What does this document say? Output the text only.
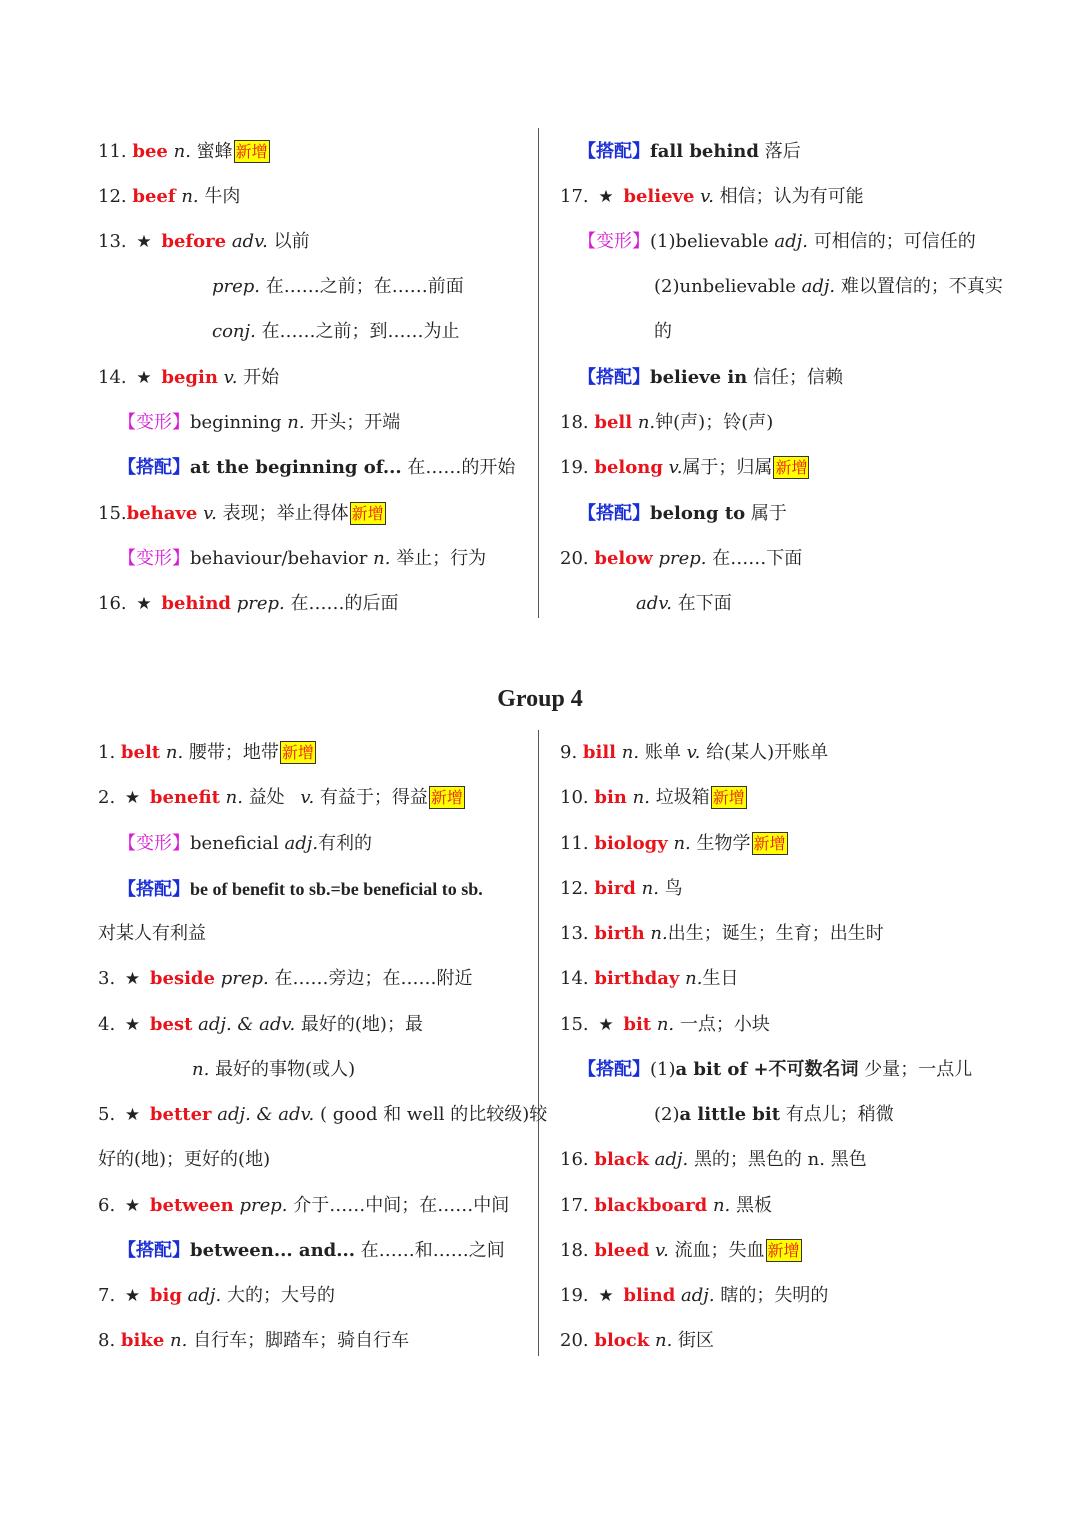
11. bee n. 蜜蜂 新增
12. beef n. 牛肉
13. ★ before adv. 以前
prep. 在……之前；在……前面
conj. 在……之前；到……为止
14. ★ begin v. 开始
【变形】beginning n. 开头；开端
【搭配】at the beginning of... 在……的开始
15.behave v. 表现；举止得体 新增
【变形】behaviour/behavior n. 举止；行为
16. ★ behind prep. 在……的后面
【搭配】fall behind 落后
17. ★ believe v. 相信；认为有可能
【变形】(1)believable adj. 可相信的；可信任的
(2)unbelievable adj. 难以置信的；不真实
的
【搭配】believe in 信任；信赖
18. bell n.钟(声)；铃(声)
19. belong v.属于；归属 新增
【搭配】belong to 属于
20. below prep. 在……下面
adv. 在下面
Group 4
1. belt n. 腰带；地带 新增
2. ★ benefit n. 益处 v. 有益于；得益 新增
【变形】beneficial adj.有利的
【搭配】be of benefit to sb.=be beneficial to sb.
对某人有利益
3. ★ beside prep. 在……旁边；在……附近
4. ★ best adj. & adv. 最好的(地)；最
n. 最好的事物(或人)
5. ★ better adj. & adv. ( good 和 well 的比较级)较
好的(地)；更好的(地)
6. ★ between prep. 介于……中间；在……中间
【搭配】between... and... 在……和……之间
7. ★ big adj. 大的；大号的
8. bike n. 自行车；脚踏车；骑自行车
9. bill n. 账单 v. 给(某人)开账单
10. bin n. 垃圾箱 新增
11. biology n. 生物学 新增
12. bird n. 鸟
13. birth n.出生；诞生；生育；出生时
14. birthday n.生日
15. ★ bit n. 一点；小块
【搭配】(1)a bit of +不可数名词 少量；一点儿
(2)a little bit 有点儿；稍微
16. black adj. 黑的；黑色的 n. 黑色
17. blackboard n. 黑板
18. bleed v. 流血；失血 新增
19. ★ blind adj. 瞎的；失明的
20. block n. 街区
